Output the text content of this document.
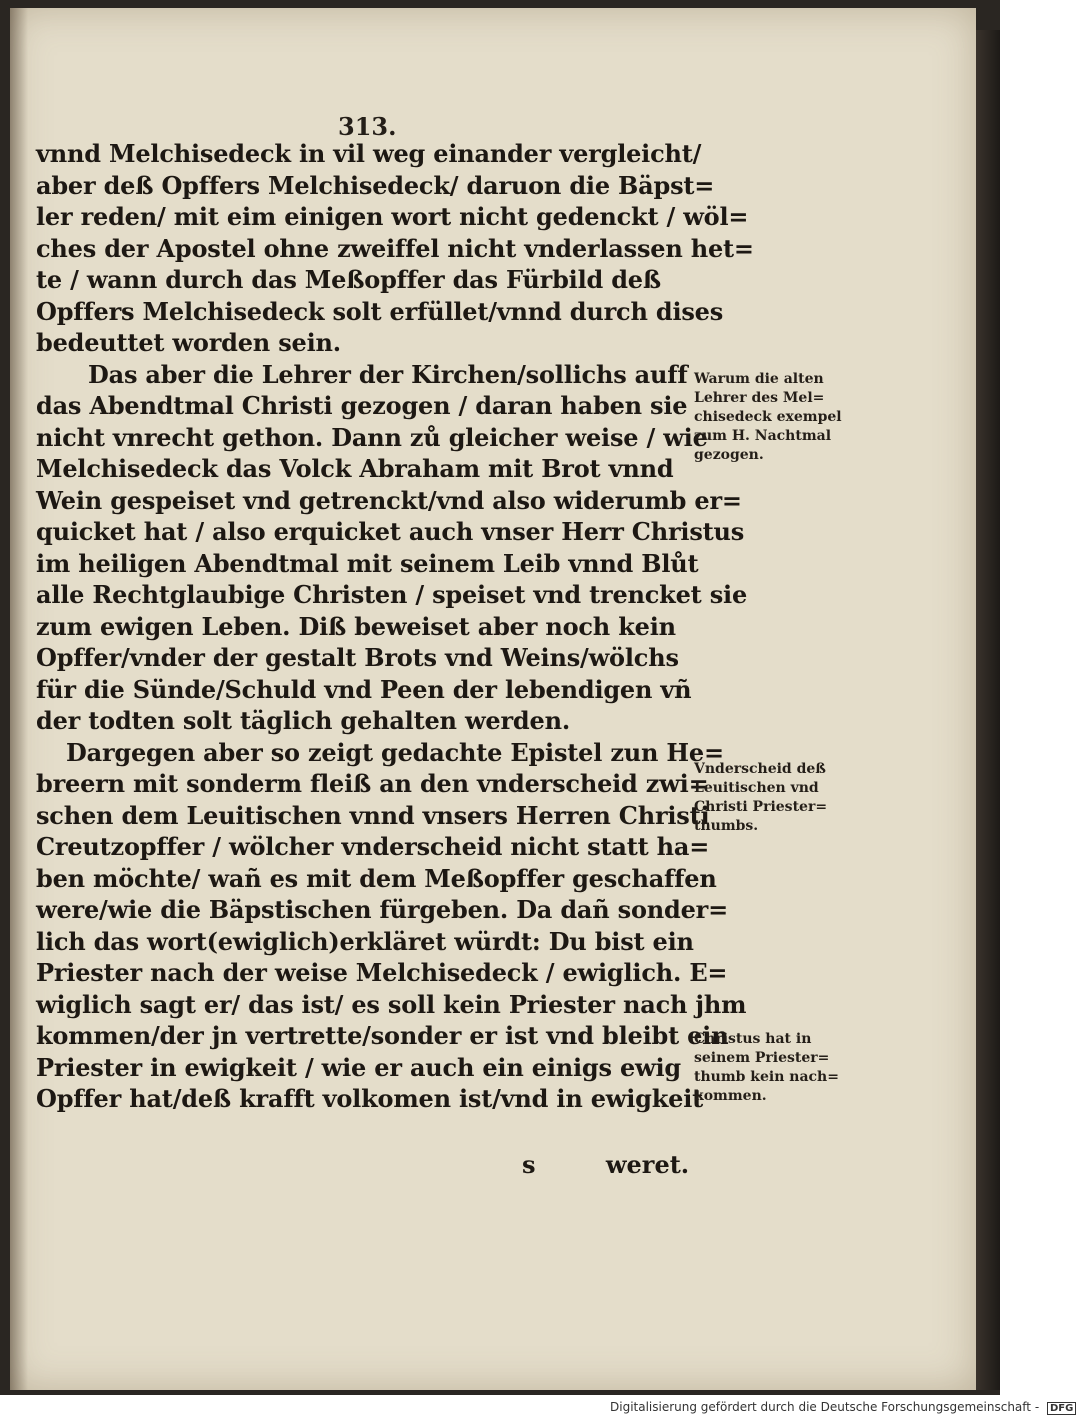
313.
vnnd Melchisedeck in vil weg einander vergleicht/
aber deß Opffers Melchisedeck/ daruon die Bäpst=
ler reden/ mit eim einigen wort nicht gedenckt / wöl=
ches der Apostel ohne zweiffel nicht vnderlassen het=
te / wann durch das Meßopffer das Fürbild deß
Opffers Melchisedeck solt erfüllet/vnnd durch dises
bedeuttet worden sein.
Das aber die Lehrer der Kirchen/sollichs auff
das Abendtmal Christi gezogen / daran haben sie
nicht vnrecht gethon. Dann zů gleicher weise / wie
Melchisedeck das Volck Abraham mit Brot vnnd
Wein gespeiset vnd getrenckt/vnd also widerumb er=
quicket hat / also erquicket auch vnser Herr Christus
im heiligen Abendtmal mit seinem Leib vnnd Blůt
alle Rechtglaubige Christen / speiset vnd trencket sie
zum ewigen Leben. Diß beweiset aber noch kein
Opffer/vnder der gestalt Brots vnd Weins/wölchs
für die Sünde/Schuld vnd Peen der lebendigen vñ
der todten solt täglich gehalten werden.
Dargegen aber so zeigt gedachte Epistel zun He=
breern mit sonderm fleiß an den vnderscheid zwi=
schen dem Leuitischen vnnd vnsers Herren Christi
Creutzopffer / wölcher vnderscheid nicht statt ha=
ben möchte/ wañ es mit dem Meßopffer geschaffen
were/wie die Bäpstischen fürgeben. Da dañ sonder=
lich das wort(ewiglich)erkläret würdt: Du bist ein
Priester nach der weise Melchisedeck / ewiglich. E=
wiglich sagt er/ das ist/ es soll kein Priester nach jhm
kommen/der jn vertrette/sonder er ist vnd bleibt ein
Priester in ewigkeit / wie er auch ein einigs ewig
Opffer hat/deß krafft volkomen ist/vnd in ewigkeit
Warum die alten
Lehrer des Mel=
chisedeck exempel
zum H. Nachtmal
gezogen.
Vnderscheid deß
Leuitischen vnd
Christi Priester=
thumbs.
Christus hat in
seinem Priester=
thumb kein nach=
kommen.
s	weret.
Digitalisierung gefördert durch die Deutsche Forschungsgemeinschaft - DFG
